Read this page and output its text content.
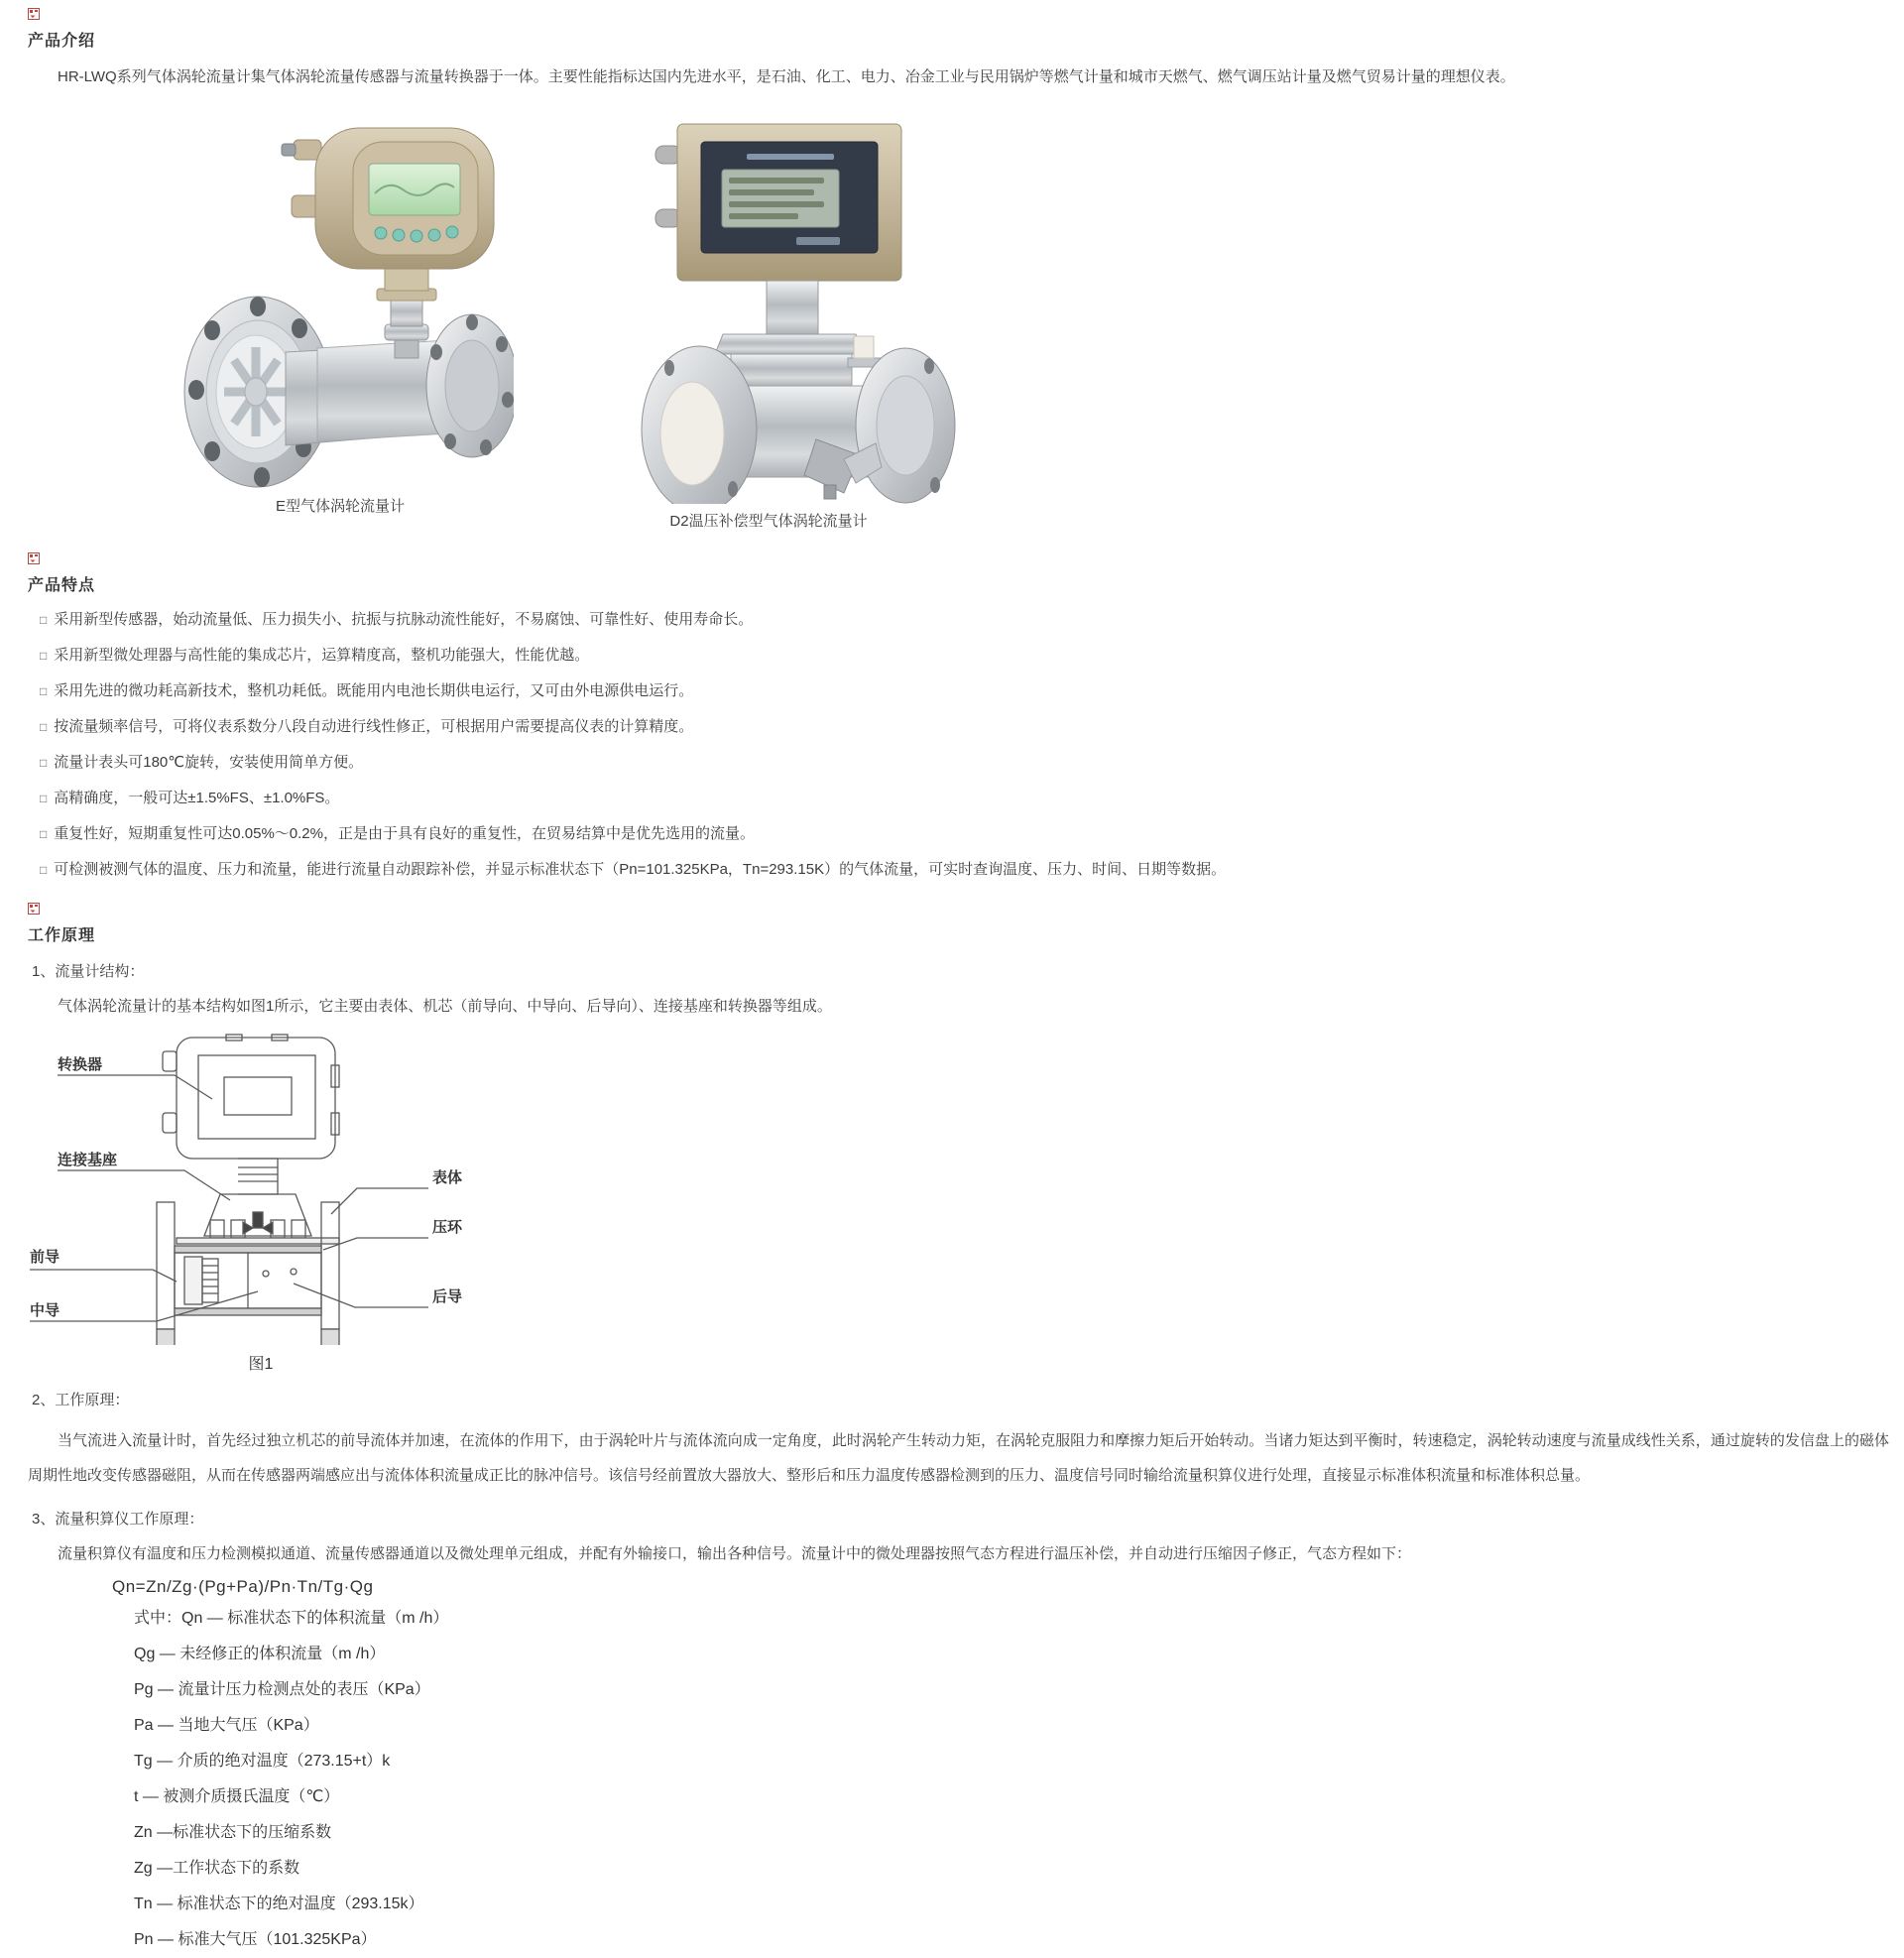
产品介绍

HR-LWQ系列气体涡轮流量计集气体涡轮流量传感器与流量转换器于一体。主要性能指标达国内先进水平，是石油、化工、电力、冶金工业与民用锅炉等燃气计量和城市天燃气、燃气调压站计量及燃气贸易计量的理想仪表。

E型气体涡轮流量计
D2温压补偿型气体涡轮流量计
产品特点
□ 采用新型传感器，始动流量低、压力损失小、抗振与抗脉动流性能好，不易腐蚀、可靠性好、使用寿命长。
□ 采用新型微处理器与高性能的集成芯片，运算精度高，整机功能强大，性能优越。
□ 采用先进的微功耗高新技术，整机功耗低。既能用内电池长期供电运行，又可由外电源供电运行。
□ 按流量频率信号，可将仪表系数分八段自动进行线性修正，可根据用户需要提高仪表的计算精度。
□ 流量计表头可180℃旋转，安装使用简单方便。
□ 高精确度，一般可达±1.5%FS、±1.0%FS。
□ 重复性好，短期重复性可达0.05%～0.2%，正是由于具有良好的重复性，在贸易结算中是优先选用的流量。
□ 可检测被测气体的温度、压力和流量，能进行流量自动跟踪补偿，并显示标准状态下（Pn=101.325KPa，Tn=293.15K）的气体流量，可实时查询温度、压力、时间、日期等数据。
工作原理
1、流量计结构：

气体涡轮流量计的基本结构如图1所示，它主要由表体、机芯（前导向、中导向、后导向）、连接基座和转换器等组成。

转换器
连接基座
表体
压环
前导
中导
后导
图1
2、工作原理：

当气流进入流量计时，首先经过独立机芯的前导流体并加速，在流体的作用下，由于涡轮叶片与流体流向成一定角度，此时涡轮产生转动力矩，在涡轮克服阻力和摩擦力矩后开始转动。当诸力矩达到平衡时，转速稳定，涡轮转动速度与流量成线性关系，通过旋转的发信盘上的磁体周期性地改变传感器磁阻，从而在传感器两端感应出与流体体积流量成正比的脉冲信号。该信号经前置放大器放大、整形后和压力温度传感器检测到的压力、温度信号同时输给流量积算仪进行处理，直接显示标准体积流量和标准体积总量。

3、流量积算仪工作原理：

流量积算仪有温度和压力检测模拟通道、流量传感器通道以及微处理单元组成，并配有外输接口，输出各种信号。流量计中的微处理器按照气态方程进行温压补偿，并自动进行压缩因子修正，气态方程如下：

Qn=Zn/Zg·(Pg+Pa)/Pn·Tn/Tg·Qg
式中：Qn — 标准状态下的体积流量（m /h）
Qg — 未经修正的体积流量（m /h）
Pg — 流量计压力检测点处的表压（KPa）
Pa — 当地大气压（KPa）
Tg — 介质的绝对温度（273.15+t）k
t — 被测介质摄氏温度（℃）
Zn —标准状态下的压缩系数
Zg —工作状态下的系数
Tn — 标准状态下的绝对温度（293.15k）
Pn — 标准大气压（101.325KPa）
